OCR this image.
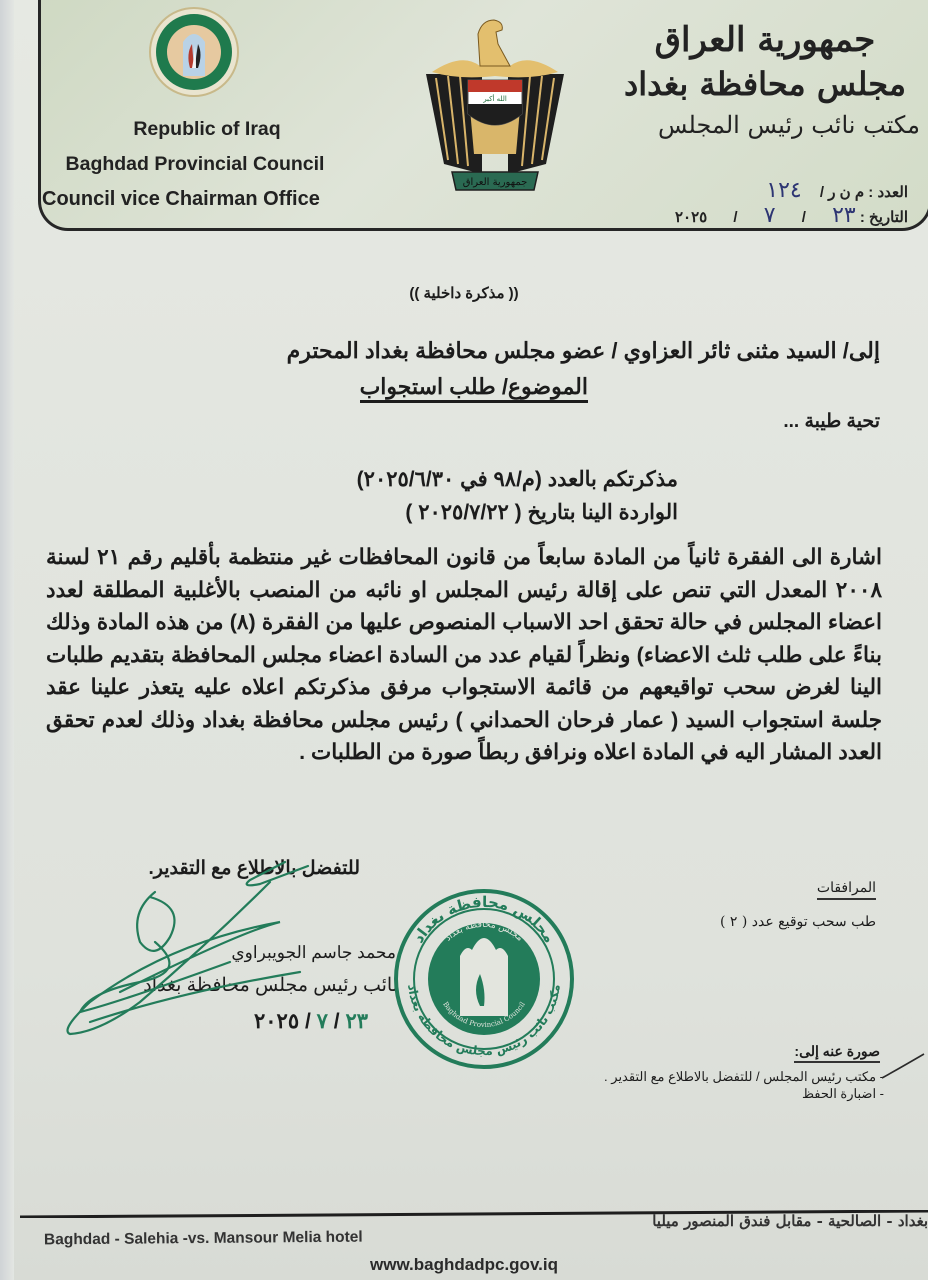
Republic of Iraq
Baghdad Provincial Council
Council vice Chairman Office
الله أكبر
جمهورية العراق
جمهورية العراق
مجلس محافظة بغداد
مكتب نائب رئيس المجلس
العدد : م ن ر / ١٢٤
التاريخ : ٢٣ / ٧ / ٢٠٢٥
(( مذكرة داخلية ))
إلى/ السيد مثنى ثائر العزاوي / عضو مجلس محافظة بغداد المحترم
الموضوع/ طلب استجواب
تحية طيبة ...
مذكرتكم بالعدد (م/٩٨ في ٢٠٢٥/٦/٣٠)
الواردة الينا بتاريخ ( ٢٠٢٥/٧/٢٢ )

اشارة الى الفقرة ثانياً من المادة سابعاً من قانون المحافظات غير منتظمة بأقليم رقم ٢١ لسنة ٢٠٠٨ المعدل التي تنص على إقالة رئيس المجلس او نائبه من المنصب بالأغلبية المطلقة لعدد اعضاء المجلس في حالة تحقق احد الاسباب المنصوص عليها من الفقرة (٨) من هذه المادة وذلك بناءً على طلب ثلث الاعضاء) ونظراً لقيام عدد من السادة اعضاء مجلس المحافظة بتقديم طلبات الينا لغرض سحب تواقيعهم من قائمة الاستجواب مرفق مذكرتكم اعلاه عليه يتعذر علينا عقد جلسة استجواب السيد ( عمار فرحان الحمداني ) رئيس مجلس محافظة بغداد وذلك لعدم تحقق العدد المشار اليه في المادة اعلاه ونرافق ربطاً صورة من الطلبات .

للتفضل بالاطلاع مع التقدير.
المرافقات
طب سحب توقيع عدد ( ٢ )
محمد جاسم الجويبراوي
نائب رئيس مجلس محافظة بغداد
٢٣ / ٧ / ٢٠٢٥
صورة عنه إلى:
- مكتب رئيس المجلس / للتفضل بالاطلاع مع التقدير .
- اضبارة الحفظ
مجلس محافظة بغداد
مجلس محافظة بغداد
مكتب نائب رئيس مجلس محافظة بغداد
Baghdad Provincial Council
Baghdad - Salehia -vs. Mansour Melia hotel
بغداد - الصالحية - مقابل فندق المنصور ميليا
www.baghdadpc.gov.iq
